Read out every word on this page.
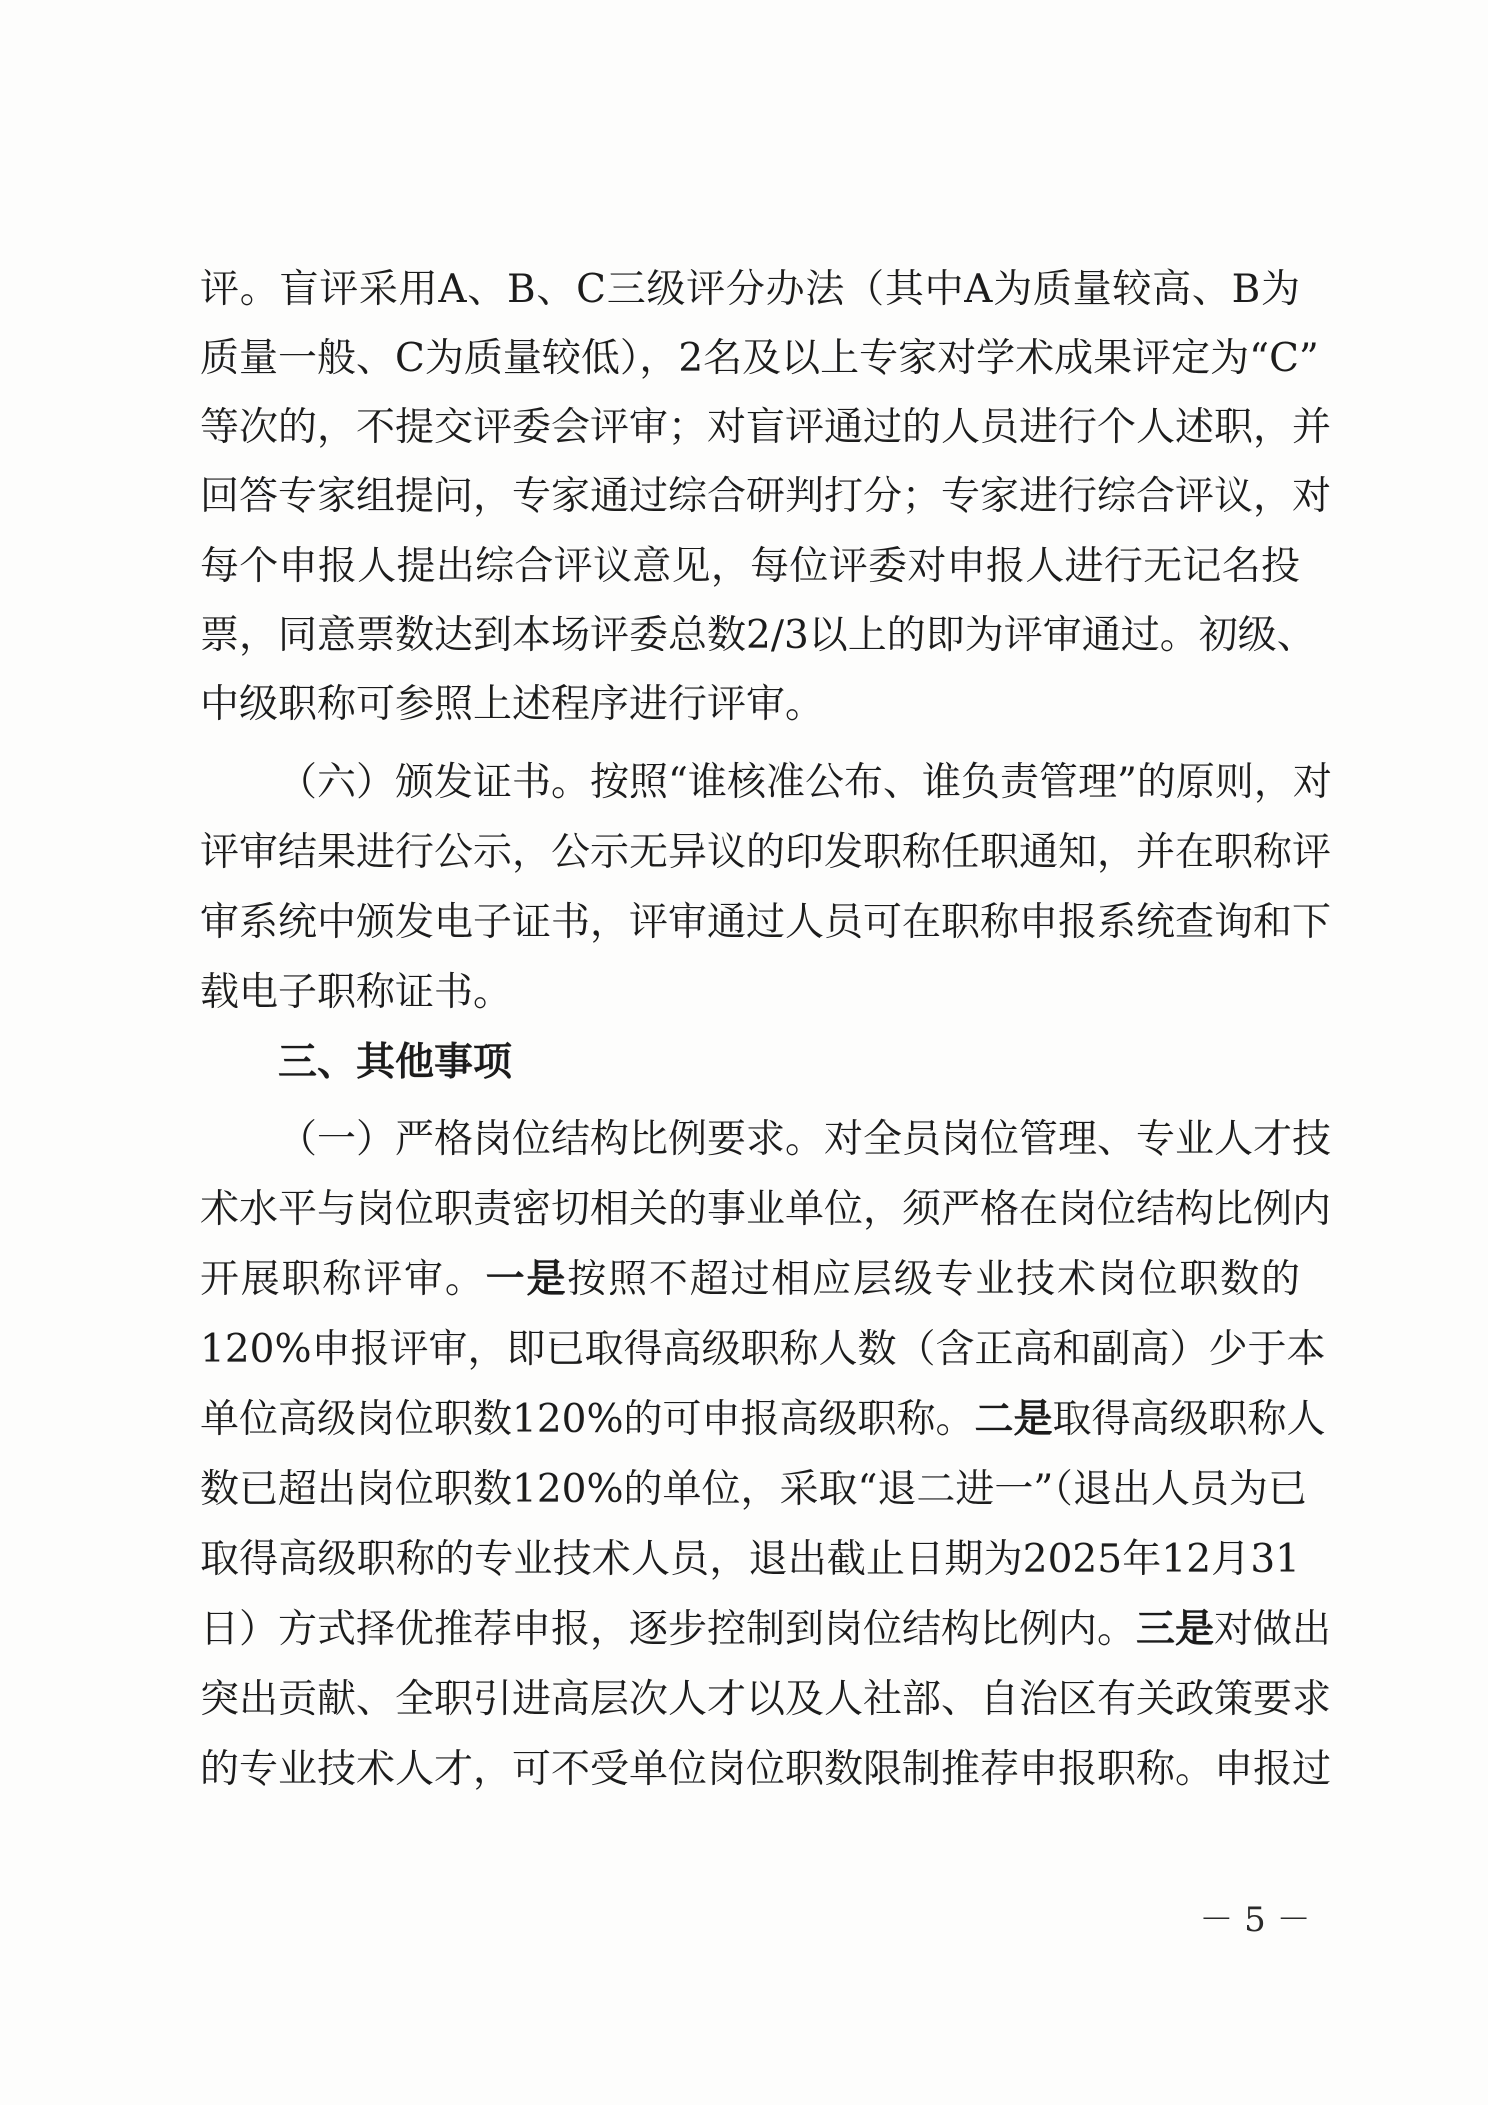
评。盲评采用A、B、C三级评分办法（其中A为质量较高、B为
质量一般、C为质量较低），2名及以上专家对学术成果评定为“C”
等次的，不提交评委会评审；对盲评通过的人员进行个人述职，并
回答专家组提问，专家通过综合研判打分；专家进行综合评议，对
每个申报人提出综合评议意见，每位评委对申报人进行无记名投
票，同意票数达到本场评委总数2/3以上的即为评审通过。初级、
中级职称可参照上述程序进行评审。
（六）颁发证书。按照“谁核准公布、谁负责管理”的原则，对
评审结果进行公示，公示无异议的印发职称任职通知，并在职称评
审系统中颁发电子证书，评审通过人员可在职称申报系统查询和下
载电子职称证书。
三、其他事项
（一）严格岗位结构比例要求。对全员岗位管理、专业人才技
术水平与岗位职责密切相关的事业单位，须严格在岗位结构比例内
开展职称评审。一是按照不超过相应层级专业技术岗位职数的
120%申报评审，即已取得高级职称人数（含正高和副高）少于本
单位高级岗位职数120%的可申报高级职称。二是取得高级职称人
数已超出岗位职数120%的单位，采取“退二进一”（退出人员为已
取得高级职称的专业技术人员，退出截止日期为2025年12月31
日）方式择优推荐申报，逐步控制到岗位结构比例内。三是对做出
突出贡献、全职引进高层次人才以及人社部、自治区有关政策要求
的专业技术人才，可不受单位岗位职数限制推荐申报职称。申报过
－ 5 －
